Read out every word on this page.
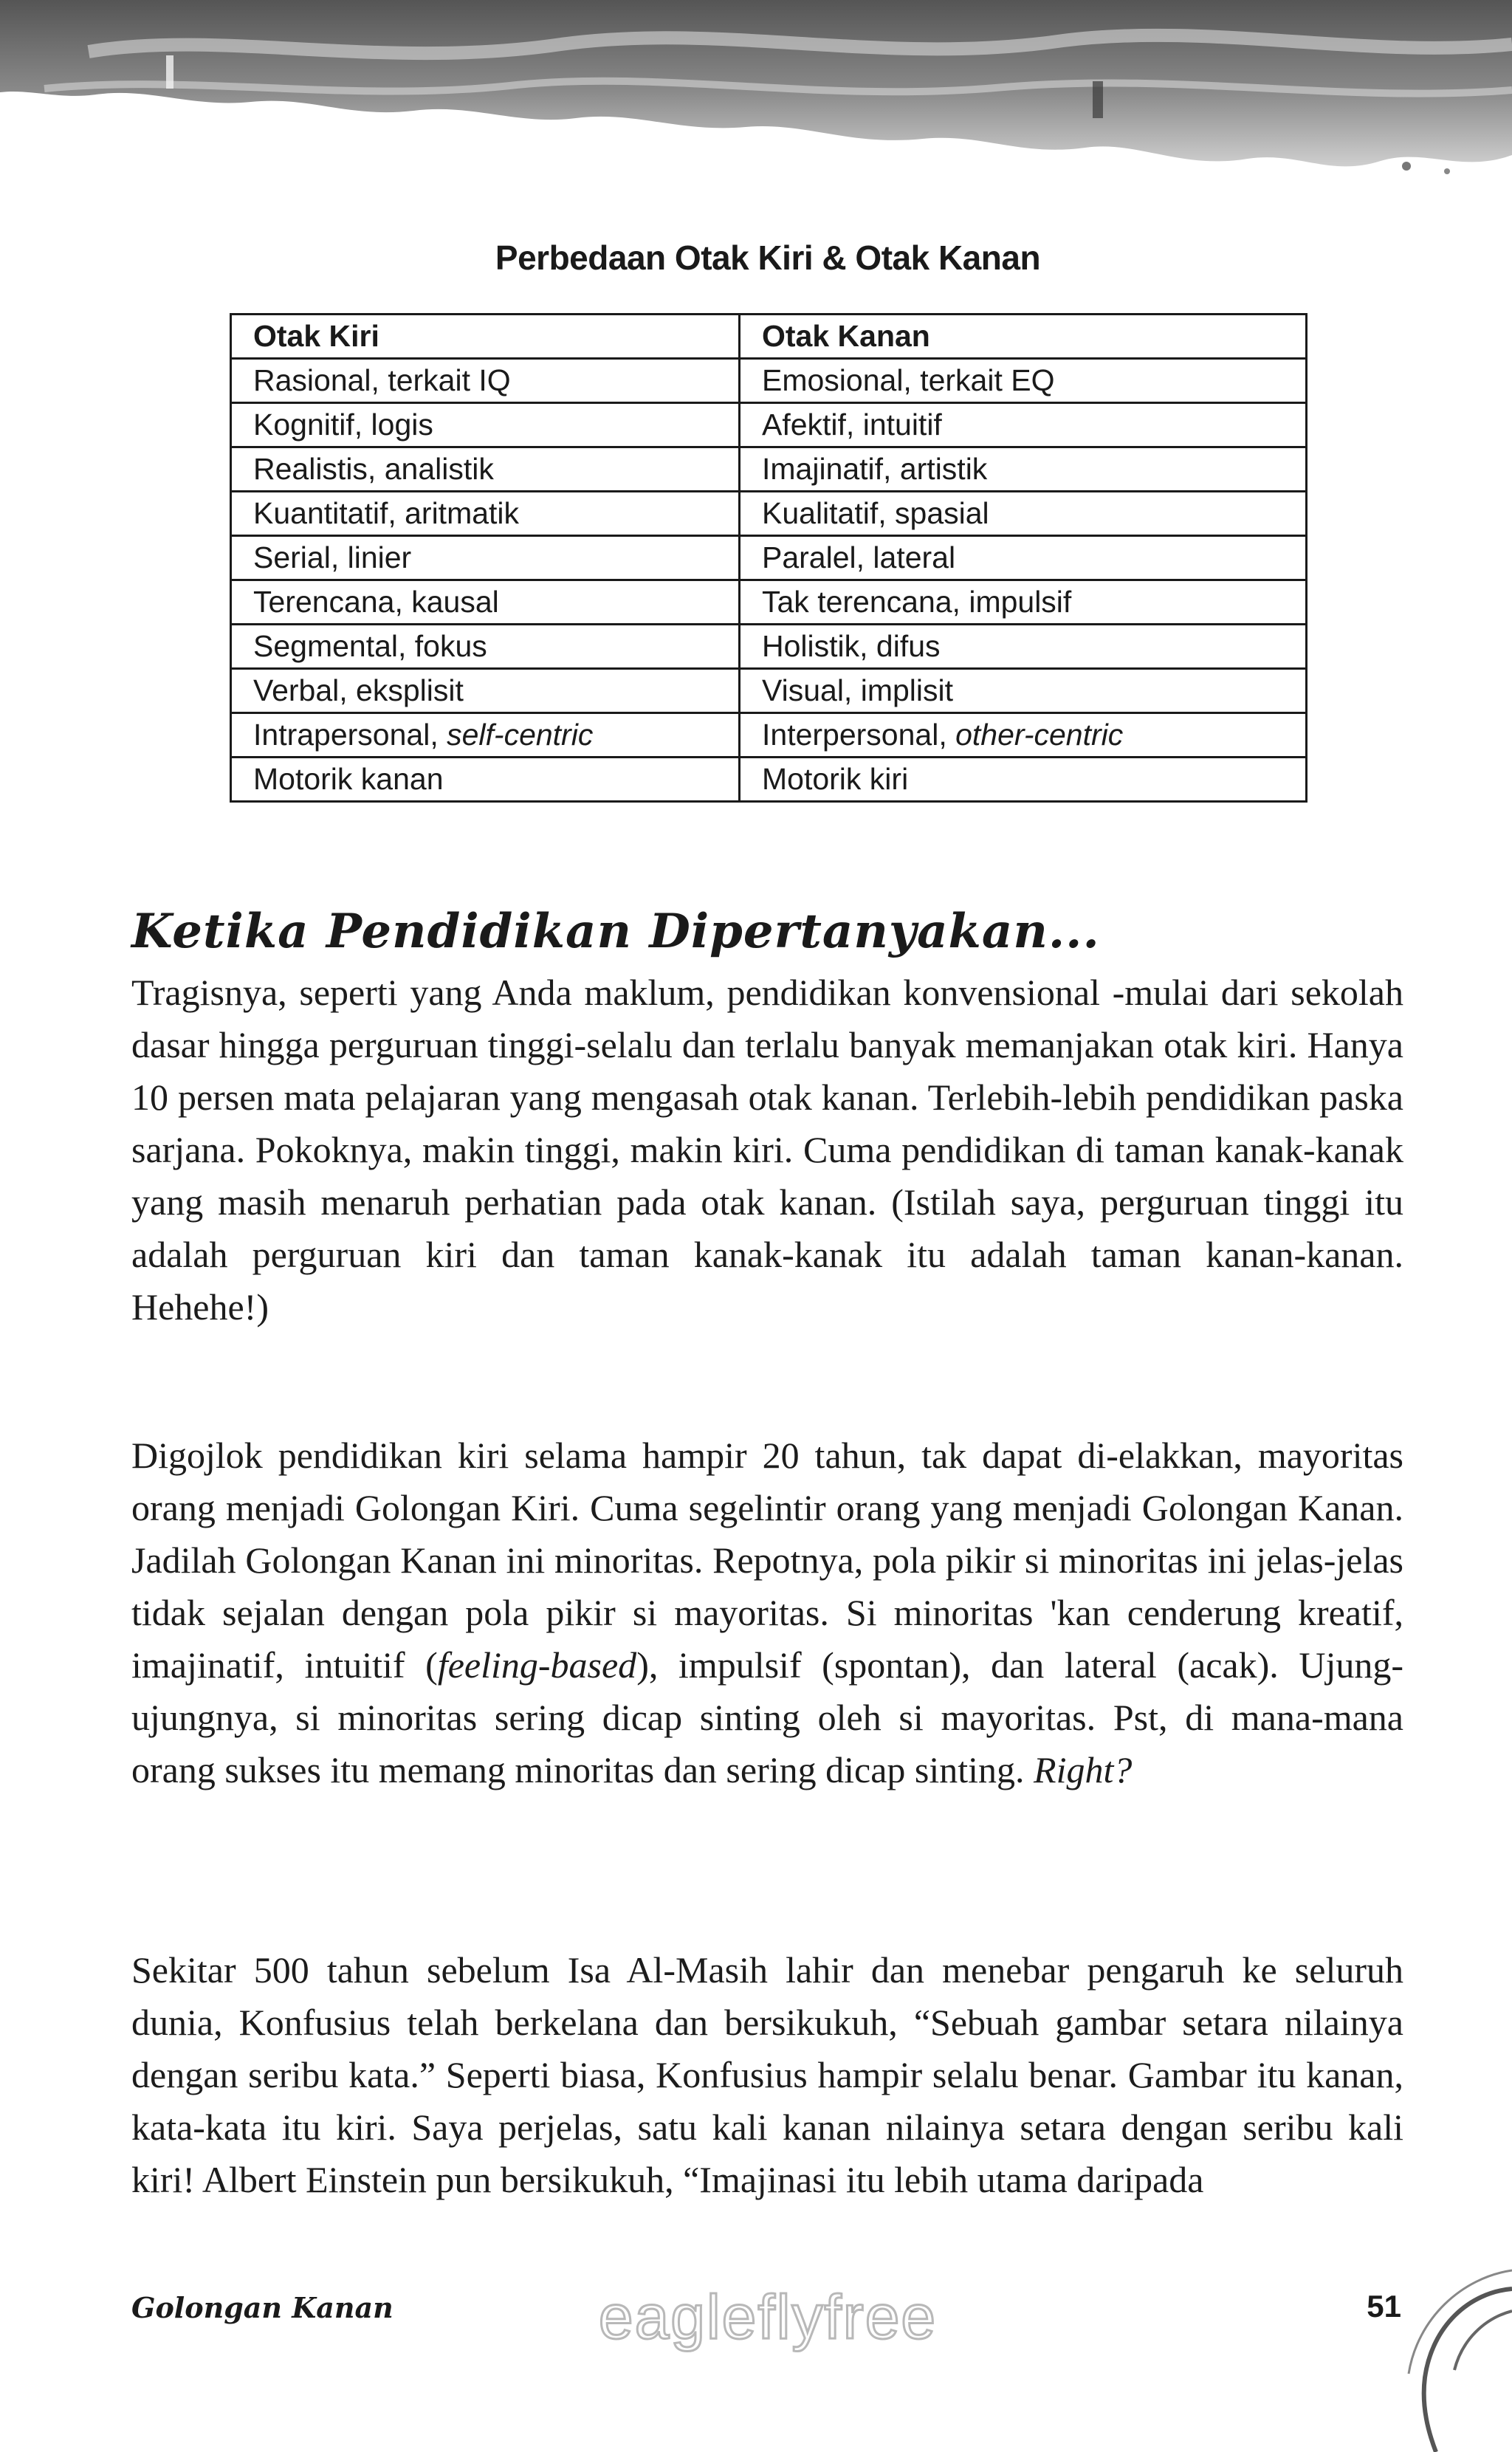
Perbedaan Otak Kiri & Otak Kanan
Otak Kiri		Otak Kanan
Rasional, terkait IQ		Emosional, terkait EQ
Kognitif, logis		Afektif, intuitif
Realistis, analistik		Imajinatif, artistik
Kuantitatif, aritmatik		Kualitatif, spasial
Serial, linier		Paralel, lateral
Terencana, kausal		Tak terencana, impulsif
Segmental, fokus		Holistik, difus
Verbal, eksplisit		Visual, implisit
Intrapersonal, self-centric		Interpersonal, other-centric
Motorik kanan		Motorik kiri
Ketika Pendidikan Dipertanyakan...

Tragisnya, seperti yang Anda maklum, pendidikan konvensional -mulai dari sekolah dasar hingga perguruan tinggi-selalu dan terlalu banyak memanjakan otak kiri. Hanya 10 persen mata pelajaran yang mengasah otak kanan. Terlebih-lebih pendidikan paska sarjana. Pokoknya, makin tinggi, makin kiri. Cuma pendidikan di taman kanak-kanak yang masih menaruh perhatian pada otak kanan. (Istilah saya, perguruan tinggi itu adalah perguruan kiri dan taman kanak-kanak itu adalah taman kanan-kanan. Hehehe!)

Digojlok pendidikan kiri selama hampir 20 tahun, tak dapat di-elakkan, mayoritas orang menjadi Golongan Kiri. Cuma segelintir orang yang menjadi Golongan Kanan. Jadilah Golongan Kanan ini minoritas. Repotnya, pola pikir si minoritas ini jelas-jelas tidak sejalan dengan pola pikir si mayoritas. Si minoritas 'kan cenderung kreatif, imajinatif, intuitif (feeling-based), impulsif (spontan), dan lateral (acak). Ujung-ujungnya, si minoritas sering dicap sinting oleh si mayoritas. Pst, di mana-mana orang sukses itu memang minoritas dan sering dicap sinting. Right?

Sekitar 500 tahun sebelum Isa Al-Masih lahir dan menebar pengaruh ke seluruh dunia, Konfusius telah berkelana dan bersikukuh, “Sebuah gambar setara nilainya dengan seribu kata.” Seperti biasa, Konfusius hampir selalu benar. Gambar itu kanan, kata-kata itu kiri. Saya perjelas, satu kali kanan nilainya setara dengan seribu kali kiri! Albert Einstein pun bersikukuh, “Imajinasi itu lebih utama daripada

Golongan Kanan	eagleflyfree	51
